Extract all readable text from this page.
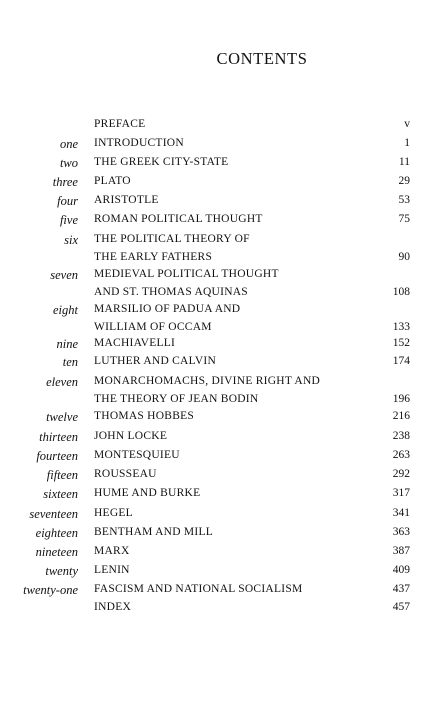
CONTENTS
PREFACE	v
one INTRODUCTION	1
two THE GREEK CITY-STATE	11
three PLATO	29
four ARISTOTLE	53
five ROMAN POLITICAL THOUGHT	75
six THE POLITICAL THEORY OF
THE EARLY FATHERS	90
seven MEDIEVAL POLITICAL THOUGHT
AND ST. THOMAS AQUINAS	108
eight MARSILIO OF PADUA AND
WILLIAM OF OCCAM	133
nine MACHIAVELLI	152
ten LUTHER AND CALVIN	174
eleven MONARCHOMACHS, DIVINE RIGHT AND
THE THEORY OF JEAN BODIN	196
twelve THOMAS HOBBES	216
thirteen JOHN LOCKE	238
fourteen MONTESQUIEU	263
fifteen ROUSSEAU	292
sixteen HUME AND BURKE	317
seventeen HEGEL	341
eighteen BENTHAM AND MILL	363
nineteen MARX	387
twenty LENIN	409
twenty-one FASCISM AND NATIONAL SOCIALISM	437
INDEX	457
